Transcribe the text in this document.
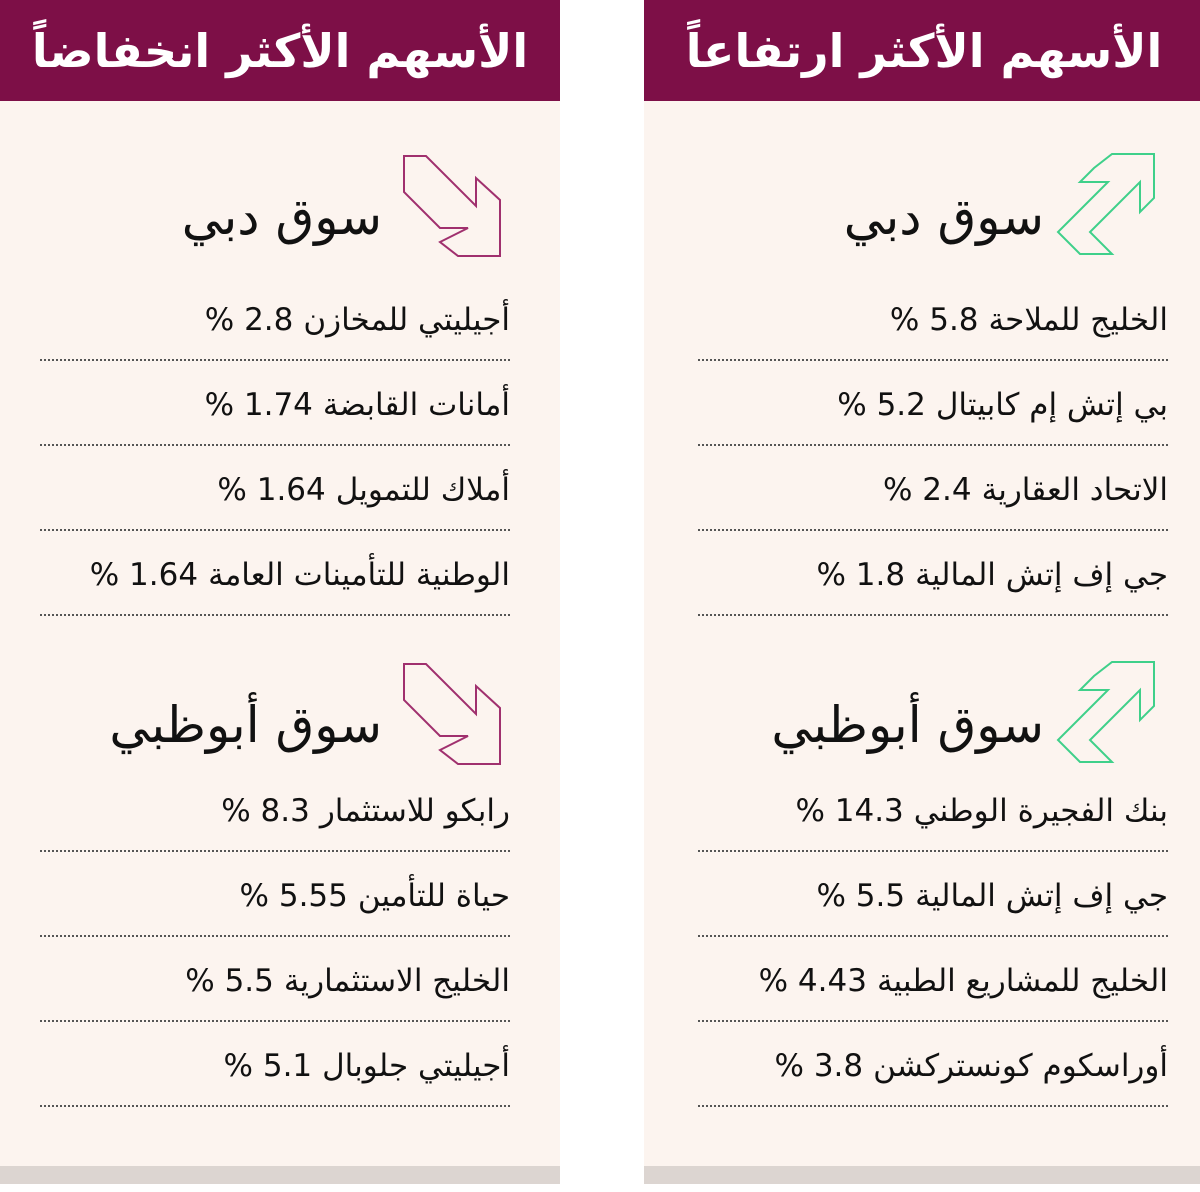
الأسهم الأكثر ارتفاعاً
سوق دبي
الخليج للملاحة
5.8 %
بي إتش إم كابيتال
5.2 %
الاتحاد العقارية
2.4 %
جي إف إتش المالية
1.8 %
سوق أبوظبي
بنك الفجيرة الوطني
14.3 %
جي إف إتش المالية
5.5 %
الخليج للمشاريع الطبية
4.43 %
أوراسكوم كونستركشن
3.8 %
الأسهم الأكثر انخفاضاً
سوق دبي
أجيليتي للمخازن
2.8 %
أمانات القابضة
1.74 %
أملاك للتمويل
1.64 %
الوطنية للتأمينات العامة
1.64 %
سوق أبوظبي
رابكو للاستثمار
8.3 %
حياة للتأمين
5.55 %
الخليج الاستثمارية
5.5 %
أجيليتي جلوبال
5.1 %
